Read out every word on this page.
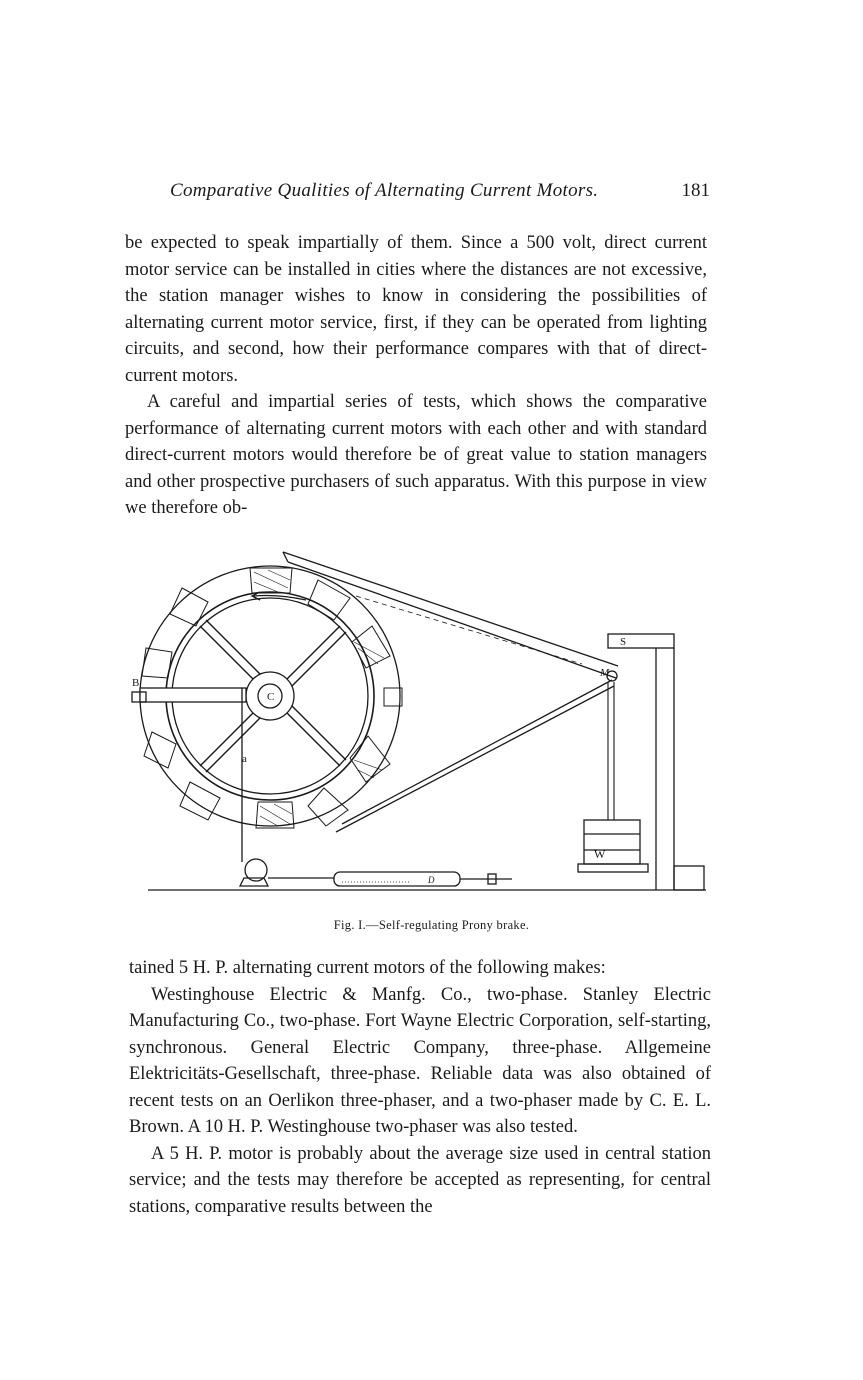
Comparative Qualities of Alternating Current Motors.	181

be expected to speak impartially of them. Since a 500 volt, direct current motor service can be installed in cities where the distances are not excessive, the station manager wishes to know in considering the possibilities of alternating current motor service, first, if they can be operated from lighting circuits, and second, how their performance compares with that of direct-current motors.

A careful and impartial series of tests, which shows the comparative performance of alternating current motors with each other and with standard direct-current motors would therefore be of great value to station managers and other prospective purchasers of such apparatus. With this purpose in view we therefore ob-

B
C
a
M
S
W
D
Fig. I.—Self-regulating Prony brake.

tained 5 H. P. alternating current motors of the following makes:

Westinghouse Electric & Manfg. Co., two-phase. Stanley Electric Manufacturing Co., two-phase. Fort Wayne Electric Corporation, self-starting, synchronous. General Electric Company, three-phase. Allgemeine Elektricitäts-Gesellschaft, three-phase. Reliable data was also obtained of recent tests on an Oerlikon three-phaser, and a two-phaser made by C. E. L. Brown. A 10 H. P. Westinghouse two-phaser was also tested.

A 5 H. P. motor is probably about the average size used in central station service; and the tests may therefore be accepted as representing, for central stations, comparative results between the
